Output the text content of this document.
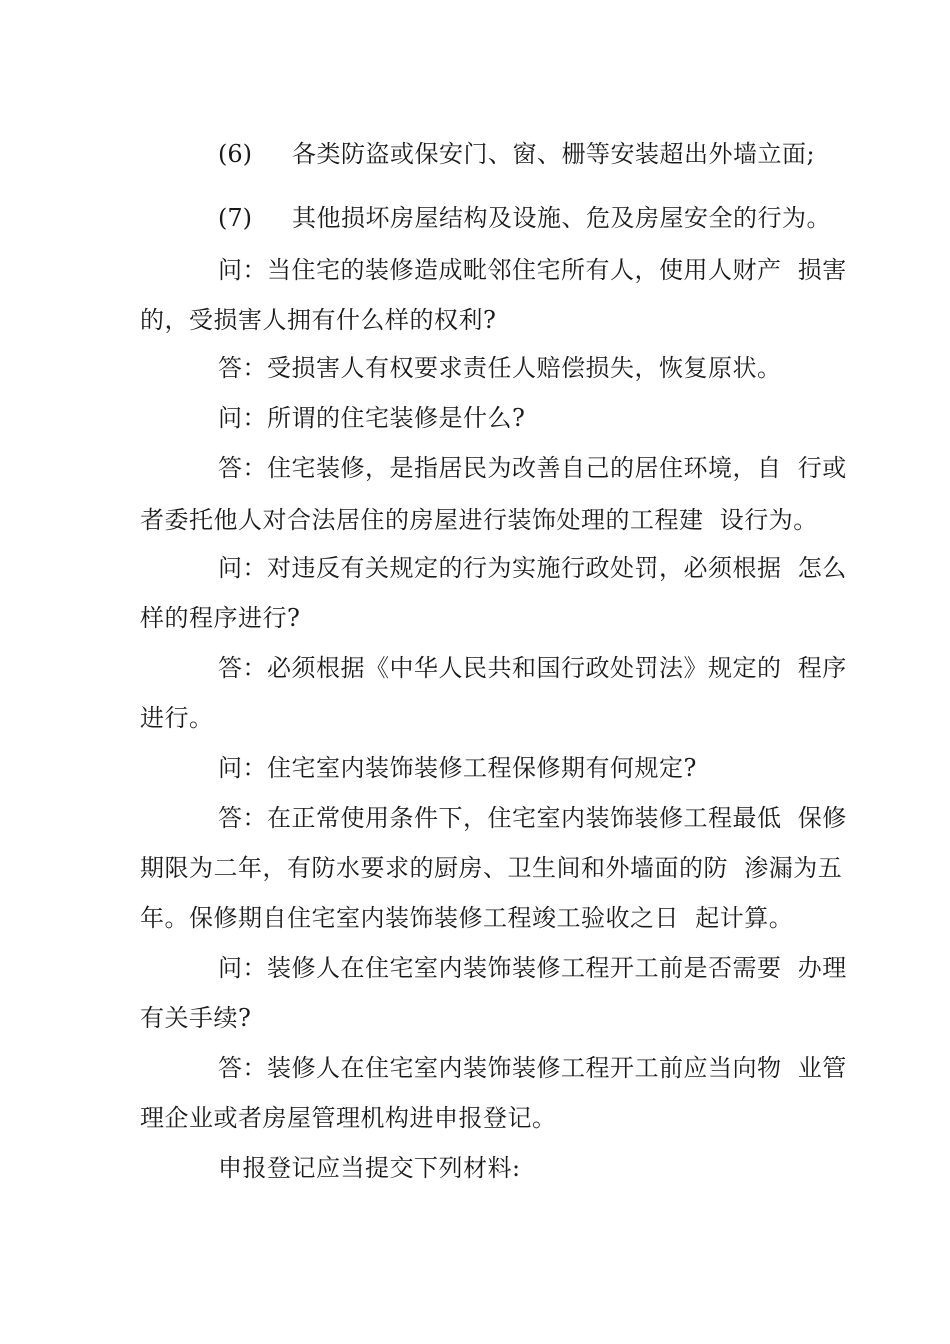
(6) 各类防盗或保安门、窗、栅等安装超出外墙立面;
(7) 其他损坏房屋结构及设施、危及房屋安全的行为。
问：当住宅的装修造成毗邻住宅所有人，使用人财产  损害
的，受损害人拥有什么样的权利?
答：受损害人有权要求责任人赔偿损失，恢复原状。
问：所谓的住宅装修是什么?
答：住宅装修，是指居民为改善自己的居住环境，自  行或
者委托他人对合法居住的房屋进行装饰处理的工程建  设行为。
问：对违反有关规定的行为实施行政处罚，必须根据  怎么
样的程序进行?
答：必须根据《中华人民共和国行政处罚法》规定的  程序
进行。
问：住宅室内装饰装修工程保修期有何规定?
答：在正常使用条件下，住宅室内装饰装修工程最低  保修
期限为二年，有防水要求的厨房、卫生间和外墙面的防  渗漏为五
年。保修期自住宅室内装饰装修工程竣工验收之日  起计算。
问：装修人在住宅室内装饰装修工程开工前是否需要  办理
有关手续?
答：装修人在住宅室内装饰装修工程开工前应当向物  业管
理企业或者房屋管理机构进申报登记。
申报登记应当提交下列材料:
